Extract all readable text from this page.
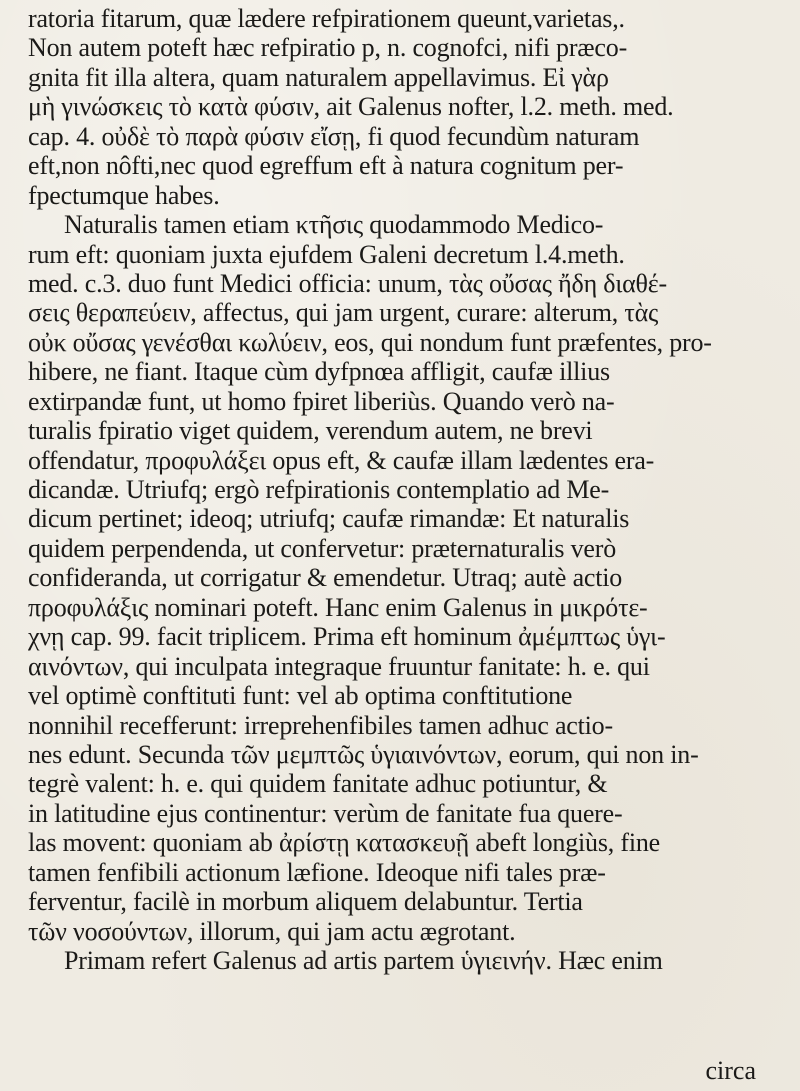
ratoria fitarum, quæ lædere refpirationem queunt,varietas,.
Non autem poteft hæc refpiratio p, n. cognofci, nifi præco-
gnita fit illa altera, quam naturalem appellavimus. Εἰ γὰρ
μὴ γινώσκεις τὸ κατὰ φύσιν, ait Galenus nofter, l.2. meth. med.
cap. 4. οὐδὲ τὸ παρὰ φύσιν εἴσῃ, fi quod fecundùm naturam
eft,non nôfti,nec quod egreffum eft à natura cognitum per-
fpectumque habes.
Naturalis tamen etiam κτῆσις quodammodo Medico-
rum eft: quoniam juxta ejufdem Galeni decretum l.4.meth.
med. c.3. duo funt Medici officia: unum, τὰς οὔσας ἤδη διαθέ-
σεις θεραπεύειν, affectus, qui jam urgent, curare: alterum, τὰς
οὐκ οὔσας γενέσθαι κωλύειν, eos, qui nondum funt præfentes, pro-
hibere, ne fiant. Itaque cùm dyfpnœa affligit, caufæ illius
extirpandæ funt, ut homo fpiret liberiùs. Quando verò na-
turalis fpiratio viget quidem, verendum autem, ne brevi
offendatur, προφυλάξει opus eft, & caufæ illam lædentes era-
dicandæ. Utriufq; ergò refpirationis contemplatio ad Me-
dicum pertinet; ideoq; utriufq; caufæ rimandæ: Et naturalis
quidem perpendenda, ut confervetur: præternaturalis verò
confideranda, ut corrigatur & emendetur. Utraq; autè actio
προφυλάξις nominari poteft. Hanc enim Galenus in μικρότε-
χνῃ cap. 99. facit triplicem. Prima eft hominum ἀμέμπτως ὑγι-
αινόντων, qui inculpata integraque fruuntur fanitate: h. e. qui
vel optimè conftituti funt: vel ab optima conftitutione
nonnihil recefferunt: irreprehenfibiles tamen adhuc actio-
nes edunt. Secunda τῶν μεμπτῶς ὑγιαινόντων, eorum, qui non in-
tegrè valent: h. e. qui quidem fanitate adhuc potiuntur, &
in latitudine ejus continentur: verùm de fanitate fua quere-
las movent: quoniam ab ἀρίστῃ κατασκευῇ abeft longiùs, fine
tamen fenfibili actionum læfione. Ideoque nifi tales præ-
ferventur, facilè in morbum aliquem delabuntur. Tertia
τῶν νοσούντων, illorum, qui jam actu ægrotant.
Primam refert Galenus ad artis partem ὑγιεινήν. Hæc enim
circa
